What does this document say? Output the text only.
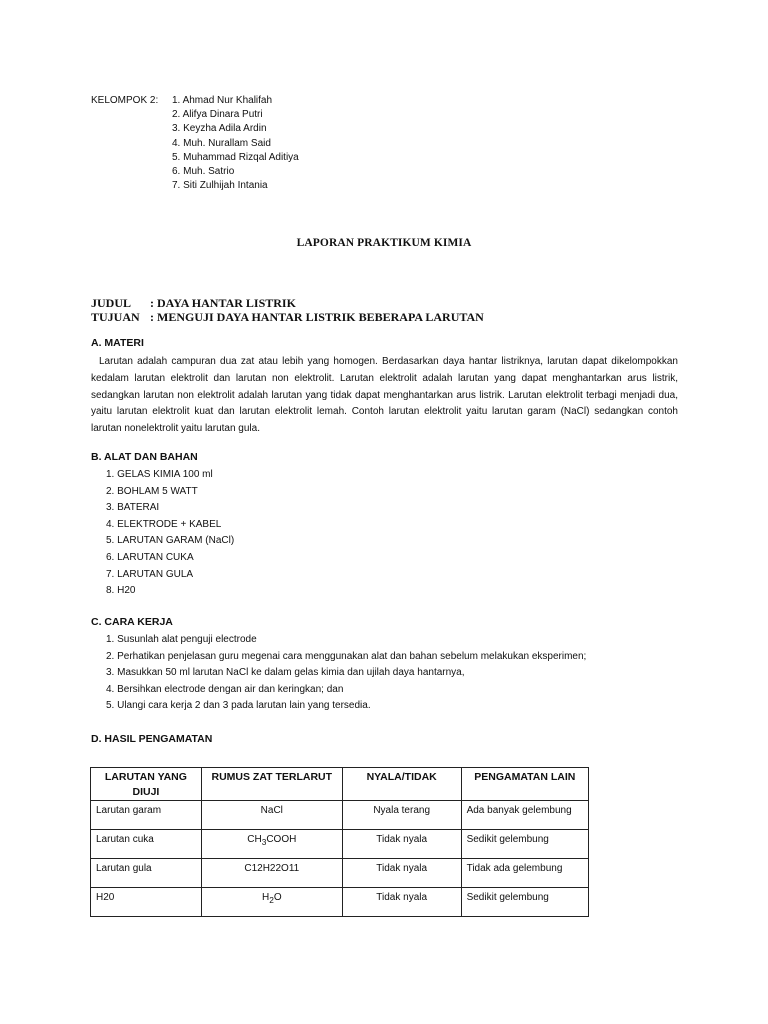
KELOMPOK 2:	1. Ahmad Nur Khalifah
2. Alifya Dinara Putri
3. Keyzha Adila Ardin
4. Muh. Nurallam Said
5. Muhammad Rizqal Aditiya
6. Muh. Satrio
7. Siti Zulhijah Intania
LAPORAN PRAKTIKUM KIMIA
JUDUL : DAYA HANTAR LISTRIK
TUJUAN : MENGUJI DAYA HANTAR LISTRIK BEBERAPA LARUTAN
A. MATERI

Larutan adalah campuran dua zat atau lebih yang homogen. Berdasarkan daya hantar listriknya, larutan dapat dikelompokkan kedalam larutan elektrolit dan larutan non elektrolit. Larutan elektrolit adalah larutan yang dapat menghantarkan arus listrik, sedangkan larutan non elektrolit adalah larutan yang tidak dapat menghantarkan arus listrik. Larutan elektrolit terbagi menjadi dua, yaitu larutan elektrolit kuat dan larutan elektrolit lemah. Contoh larutan elektrolit yaitu larutan garam (NaCl) sedangkan contoh larutan nonelektrolit yaitu larutan gula.

B. ALAT DAN BAHAN
1. GELAS KIMIA 100 ml
2. BOHLAM 5 WATT
3. BATERAI
4. ELEKTRODE + KABEL
5. LARUTAN GARAM (NaCl)
6. LARUTAN CUKA
7. LARUTAN GULA
8. H20
C. CARA KERJA
1. Susunlah alat penguji electrode
2. Perhatikan penjelasan guru megenai cara menggunakan alat dan bahan sebelum melakukan eksperimen;
3. Masukkan 50 ml larutan NaCl ke dalam gelas kimia dan ujilah daya hantarnya,
4. Bersihkan electrode dengan air dan keringkan; dan
5. Ulangi cara kerja 2 dan 3 pada larutan lain yang tersedia.
D. HASIL PENGAMATAN
LARUTAN YANG DIUJI	RUMUS ZAT TERLARUT	NYALA/TIDAK	PENGAMATAN LAIN
Larutan garam	NaCl	Nyala terang	Ada banyak gelembung
Larutan cuka	$CH_3COOH$	Tidak nyala	Sedikit gelembung
Larutan gula	C12H22O11	Tidak nyala	Tidak ada gelembung
H20	$H_2O$	Tidak nyala	Sedikit gelembung
